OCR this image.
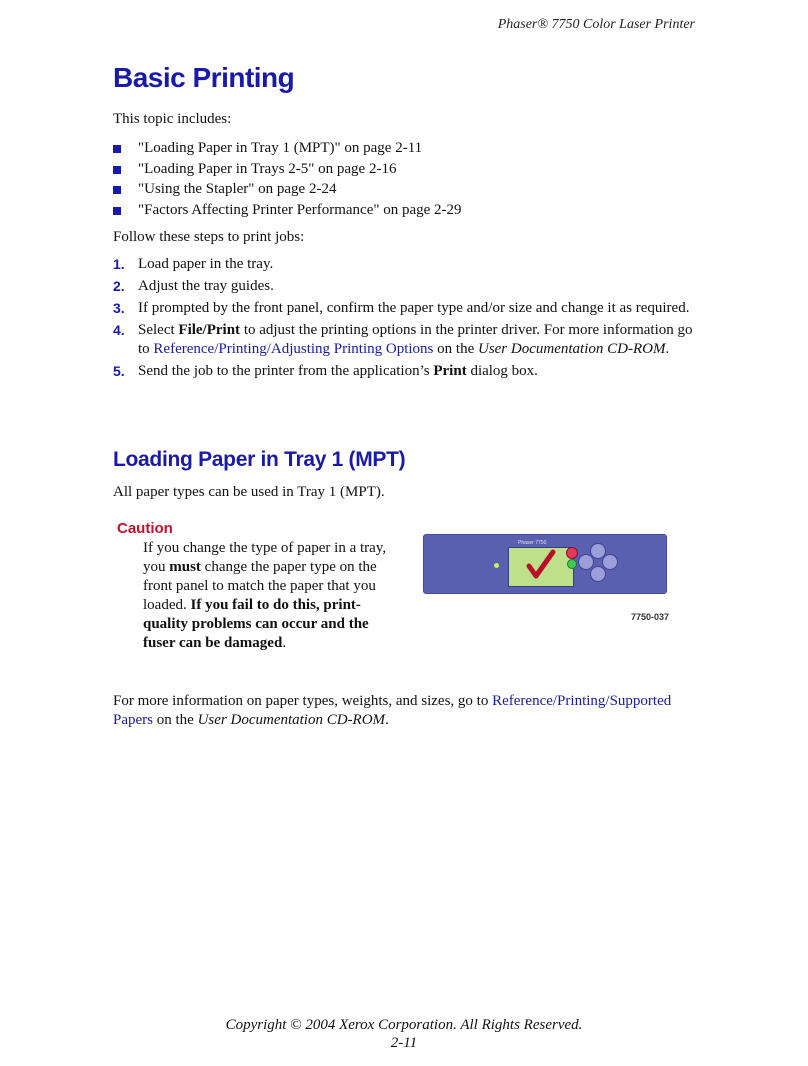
Phaser® 7750 Color Laser Printer
Basic Printing
This topic includes:
"Loading Paper in Tray 1 (MPT)" on page 2-11
"Loading Paper in Trays 2-5" on page 2-16
"Using the Stapler" on page 2-24
"Factors Affecting Printer Performance" on page 2-29
Follow these steps to print jobs:
1. Load paper in the tray.
2. Adjust the tray guides.
3. If prompted by the front panel, confirm the paper type and/or size and change it as required.
4. Select File/Print to adjust the printing options in the printer driver. For more information go to Reference/Printing/Adjusting Printing Options on the User Documentation CD-ROM.
5. Send the job to the printer from the application’s Print dialog box.
Loading Paper in Tray 1 (MPT)
All paper types can be used in Tray 1 (MPT).
Caution
If you change the type of paper in a tray, you must change the paper type on the front panel to match the paper that you loaded. If you fail to do this, print-quality problems can occur and the fuser can be damaged.
Phaser 7750
7750-037
For more information on paper types, weights, and sizes, go to Reference/Printing/Supported Papers on the User Documentation CD-ROM.
Copyright © 2004 Xerox Corporation. All Rights Reserved.
2-11
